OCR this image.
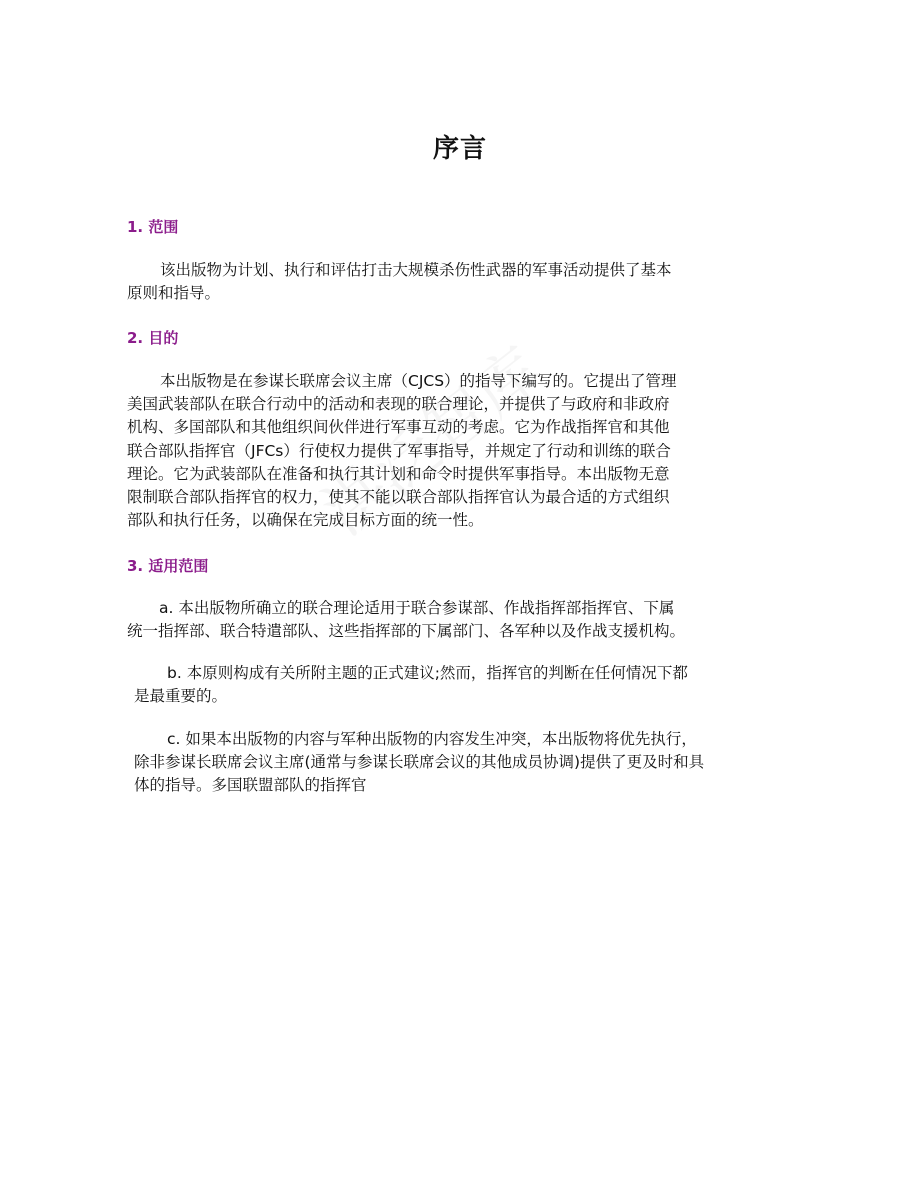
序言
1. 范围
该出版物为计划、执行和评估打击大规模杀伤性武器的军事活动提供了基本
原则和指导。
2. 目的
本出版物是在参谋长联席会议主席（CJCS）的指导下编写的。它提出了管理
美国武装部队在联合行动中的活动和表现的联合理论，并提供了与政府和非政府
机构、多国部队和其他组织间伙伴进行军事互动的考虑。它为作战指挥官和其他
联合部队指挥官（JFCs）行使权力提供了军事指导，并规定了行动和训练的联合
理论。它为武装部队在准备和执行其计划和命令时提供军事指导。本出版物无意
限制联合部队指挥官的权力，使其不能以联合部队指挥官认为最合适的方式组织
部队和执行任务，以确保在完成目标方面的统一性。
3. 适用范围
a. 本出版物所确立的联合理论适用于联合参谋部、作战指挥部指挥官、下属
统一指挥部、联合特遣部队、这些指挥部的下属部门、各军种以及作战支援机构。
b. 本原则构成有关所附主题的正式建议;然而，指挥官的判断在任何情况下都
是最重要的。
c. 如果本出版物的内容与军种出版物的内容发生冲突，本出版物将优先执行，
除非参谋长联席会议主席(通常与参谋长联席会议的其他成员协调)提供了更及时和具
体的指导。多国联盟部队的指挥官
